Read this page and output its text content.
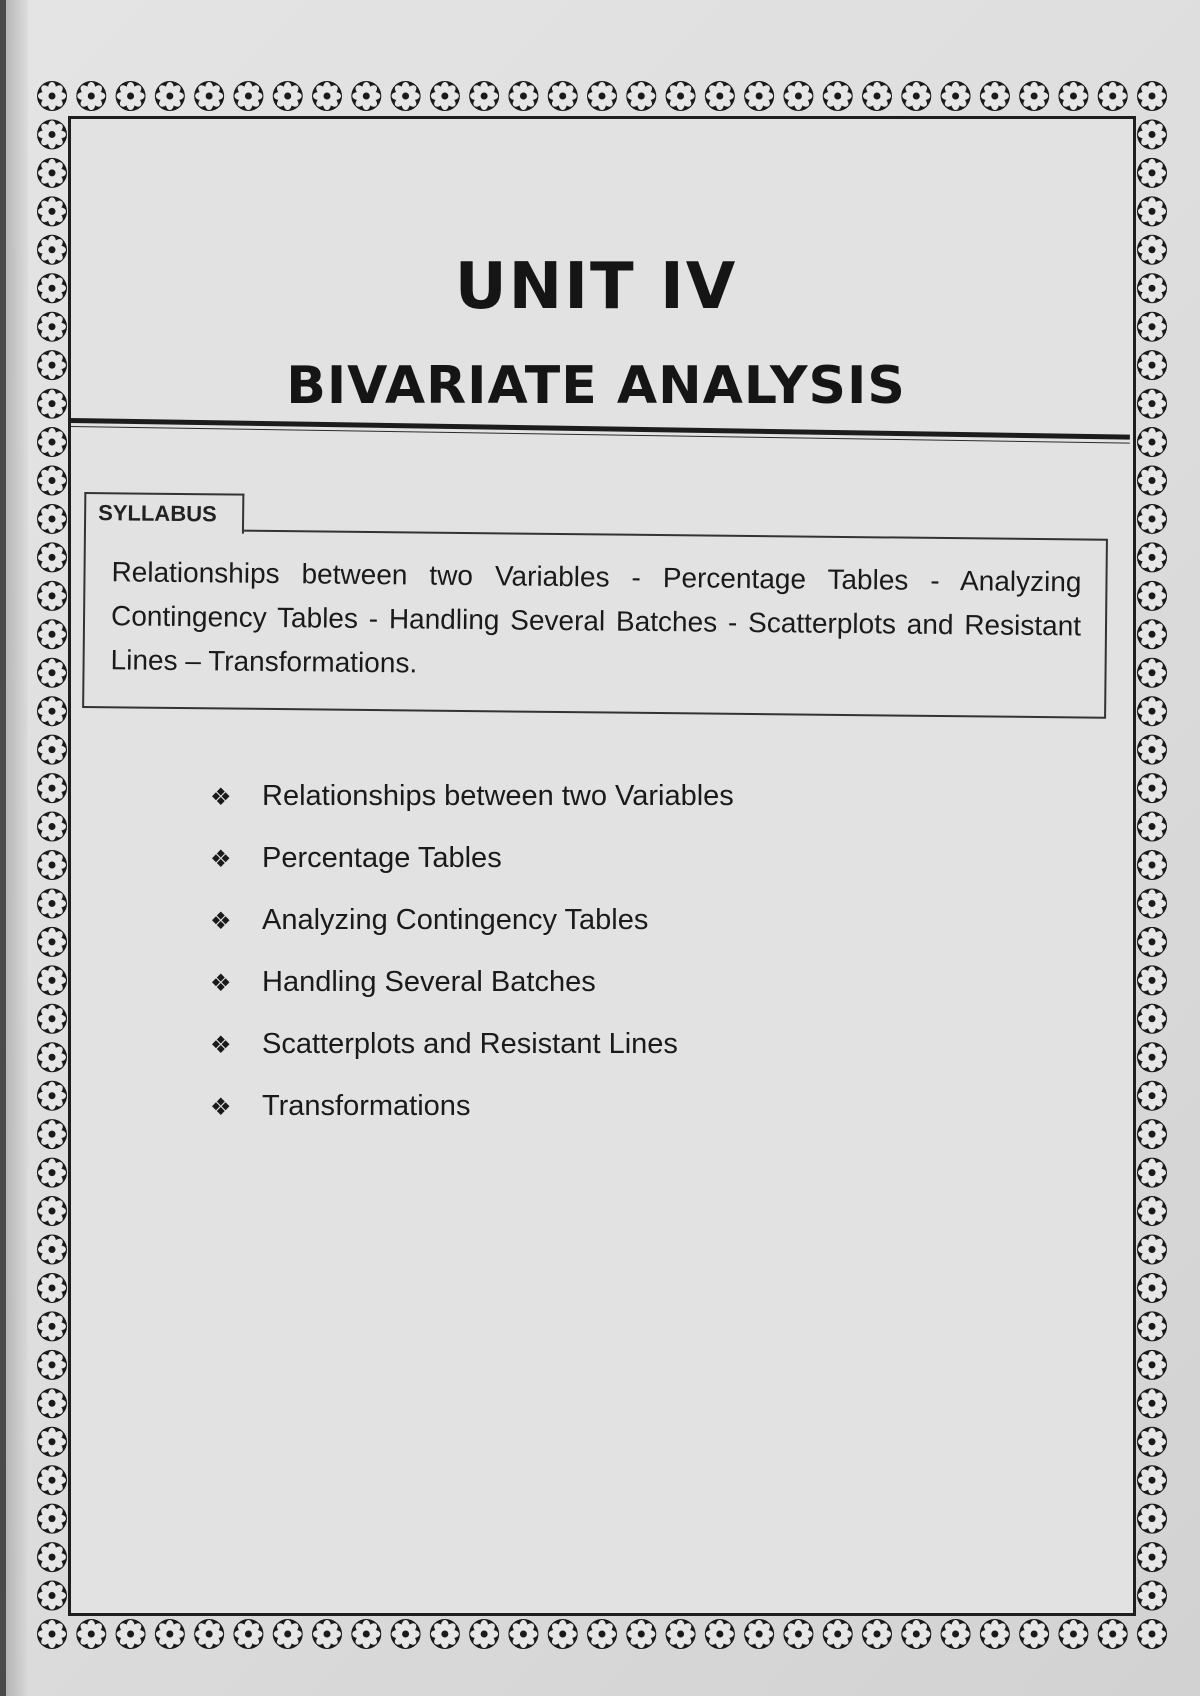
UNIT IV
BIVARIATE ANALYSIS
SYLLABUS
Relationships between two Variables - Percentage Tables - Analyzing Contingency Tables - Handling Several Batches - Scatterplots and Resistant Lines – Transformations.
❖ Relationships between two Variables
❖ Percentage Tables
❖ Analyzing Contingency Tables
❖ Handling Several Batches
❖ Scatterplots and Resistant Lines
❖ Transformations
